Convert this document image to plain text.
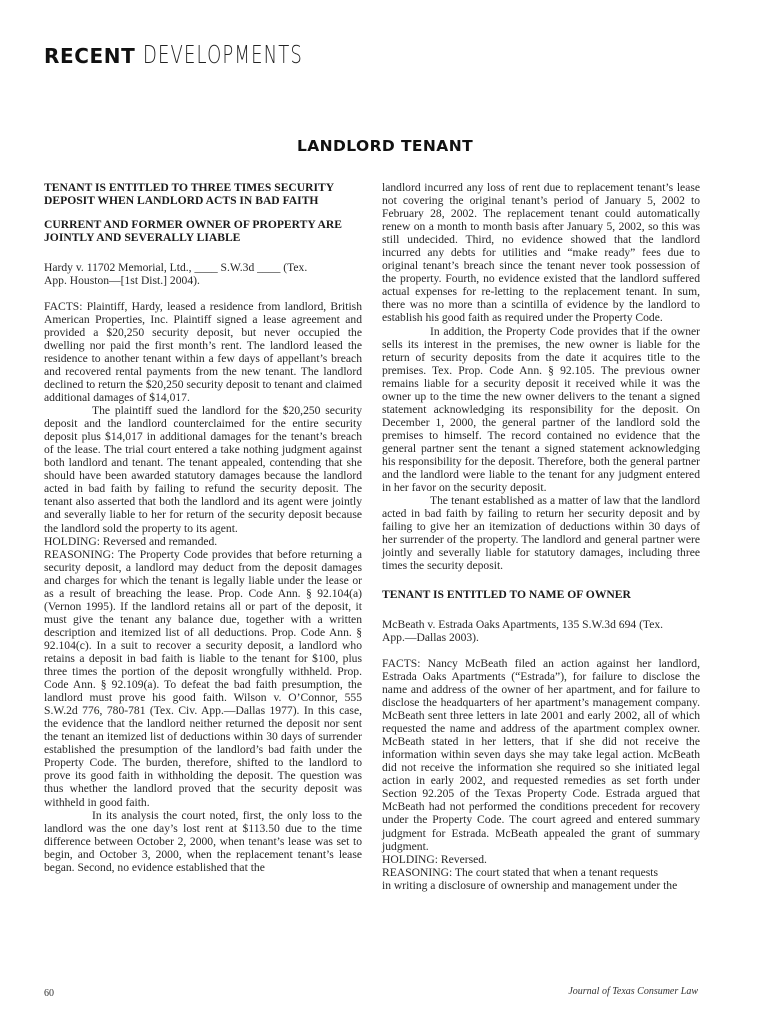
RECENT DEVELOPMENTS
LANDLORD TENANT
TENANT IS ENTITLED TO THREE TIMES SECURITY
DEPOSIT WHEN LANDLORD ACTS IN BAD FAITH
CURRENT AND FORMER OWNER OF PROPERTY ARE
JOINTLY AND SEVERALLY LIABLE
Hardy v. 11702 Memorial, Ltd., ____ S.W.3d ____ (Tex.
App. Houston—[1st Dist.] 2004).

FACTS: Plaintiff, Hardy, leased a residence from landlord, British American Properties, Inc. Plaintiff signed a lease agreement and provided a $20,250 security deposit, but never occupied the dwelling nor paid the first month’s rent. The landlord leased the residence to another tenant within a few days of appellant’s breach and recovered rental payments from the new tenant. The landlord declined to return the $20,250 security deposit to tenant and claimed additional damages of $14,017.

The plaintiff sued the landlord for the $20,250 security deposit and the landlord counterclaimed for the entire security deposit plus $14,017 in additional damages for the tenant’s breach of the lease. The trial court entered a take nothing judgment against both landlord and tenant. The tenant appealed, contending that she should have been awarded statutory damages because the landlord acted in bad faith by failing to refund the security deposit. The tenant also asserted that both the landlord and its agent were jointly and severally liable to her for return of the security deposit because the landlord sold the property to its agent.

HOLDING: Reversed and remanded.

REASONING: The Property Code provides that before returning a security deposit, a landlord may deduct from the deposit damages and charges for which the tenant is legally liable under the lease or as a result of breaching the lease. Prop. Code Ann. § 92.104(a) (Vernon 1995). If the landlord retains all or part of the deposit, it must give the tenant any balance due, together with a written description and itemized list of all deductions. Prop. Code Ann. § 92.104(c). In a suit to recover a security deposit, a landlord who retains a deposit in bad faith is liable to the tenant for $100, plus three times the portion of the deposit wrongfully withheld. Prop. Code Ann. § 92.109(a). To defeat the bad faith presumption, the landlord must prove his good faith. Wilson v. O’Connor, 555 S.W.2d 776, 780-781 (Tex. Civ. App.—Dallas 1977). In this case, the evidence that the landlord neither returned the deposit nor sent the tenant an itemized list of deductions within 30 days of surrender established the presumption of the landlord’s bad faith under the Property Code. The burden, therefore, shifted to the landlord to prove its good faith in withholding the deposit. The question was thus whether the landlord proved that the security deposit was withheld in good faith.

In its analysis the court noted, first, the only loss to the landlord was the one day’s lost rent at $113.50 due to the time difference between October 2, 2000, when tenant’s lease was set to begin, and October 3, 2000, when the replacement tenant’s lease began. Second, no evidence established that the

landlord incurred any loss of rent due to replacement tenant’s lease not covering the original tenant’s period of January 5, 2002 to February 28, 2002. The replacement tenant could automatically renew on a month to month basis after January 5, 2002, so this was still undecided. Third, no evidence showed that the landlord incurred any debts for utilities and “make ready” fees due to original tenant’s breach since the tenant never took possession of the property. Fourth, no evidence existed that the landlord suffered actual expenses for re-letting to the replacement tenant. In sum, there was no more than a scintilla of evidence by the landlord to establish his good faith as required under the Property Code.

In addition, the Property Code provides that if the owner sells its interest in the premises, the new owner is liable for the return of security deposits from the date it acquires title to the premises. Tex. Prop. Code Ann. § 92.105. The previous owner remains liable for a security deposit it received while it was the owner up to the time the new owner delivers to the tenant a signed statement acknowledging its responsibility for the deposit. On December 1, 2000, the general partner of the landlord sold the premises to himself. The record contained no evidence that the general partner sent the tenant a signed statement acknowledging his responsibility for the deposit. Therefore, both the general partner and the landlord were liable to the tenant for any judgment entered in her favor on the security deposit.

The tenant established as a matter of law that the landlord acted in bad faith by failing to return her security deposit and by failing to give her an itemization of deductions within 30 days of her surrender of the property. The landlord and general partner were jointly and severally liable for statutory damages, including three times the security deposit.

TENANT IS ENTITLED TO NAME OF OWNER
McBeath v. Estrada Oaks Apartments, 135 S.W.3d 694 (Tex.
App.—Dallas 2003).

FACTS: Nancy McBeath filed an action against her landlord, Estrada Oaks Apartments (“Estrada”), for failure to disclose the name and address of the owner of her apartment, and for failure to disclose the headquarters of her apartment’s management company. McBeath sent three letters in late 2001 and early 2002, all of which requested the name and address of the apartment complex owner. McBeath stated in her letters, that if she did not receive the information within seven days she may take legal action. McBeath did not receive the information she required so she initiated legal action in early 2002, and requested remedies as set forth under Section 92.205 of the Texas Property Code. Estrada argued that McBeath had not performed the conditions precedent for recovery under the Property Code. The court agreed and entered summary judgment for Estrada. McBeath appealed the grant of summary judgment.

HOLDING: Reversed.

REASONING: The court stated that when a tenant requests
in writing a disclosure of ownership and management under the
60	Journal of Texas Consumer Law
